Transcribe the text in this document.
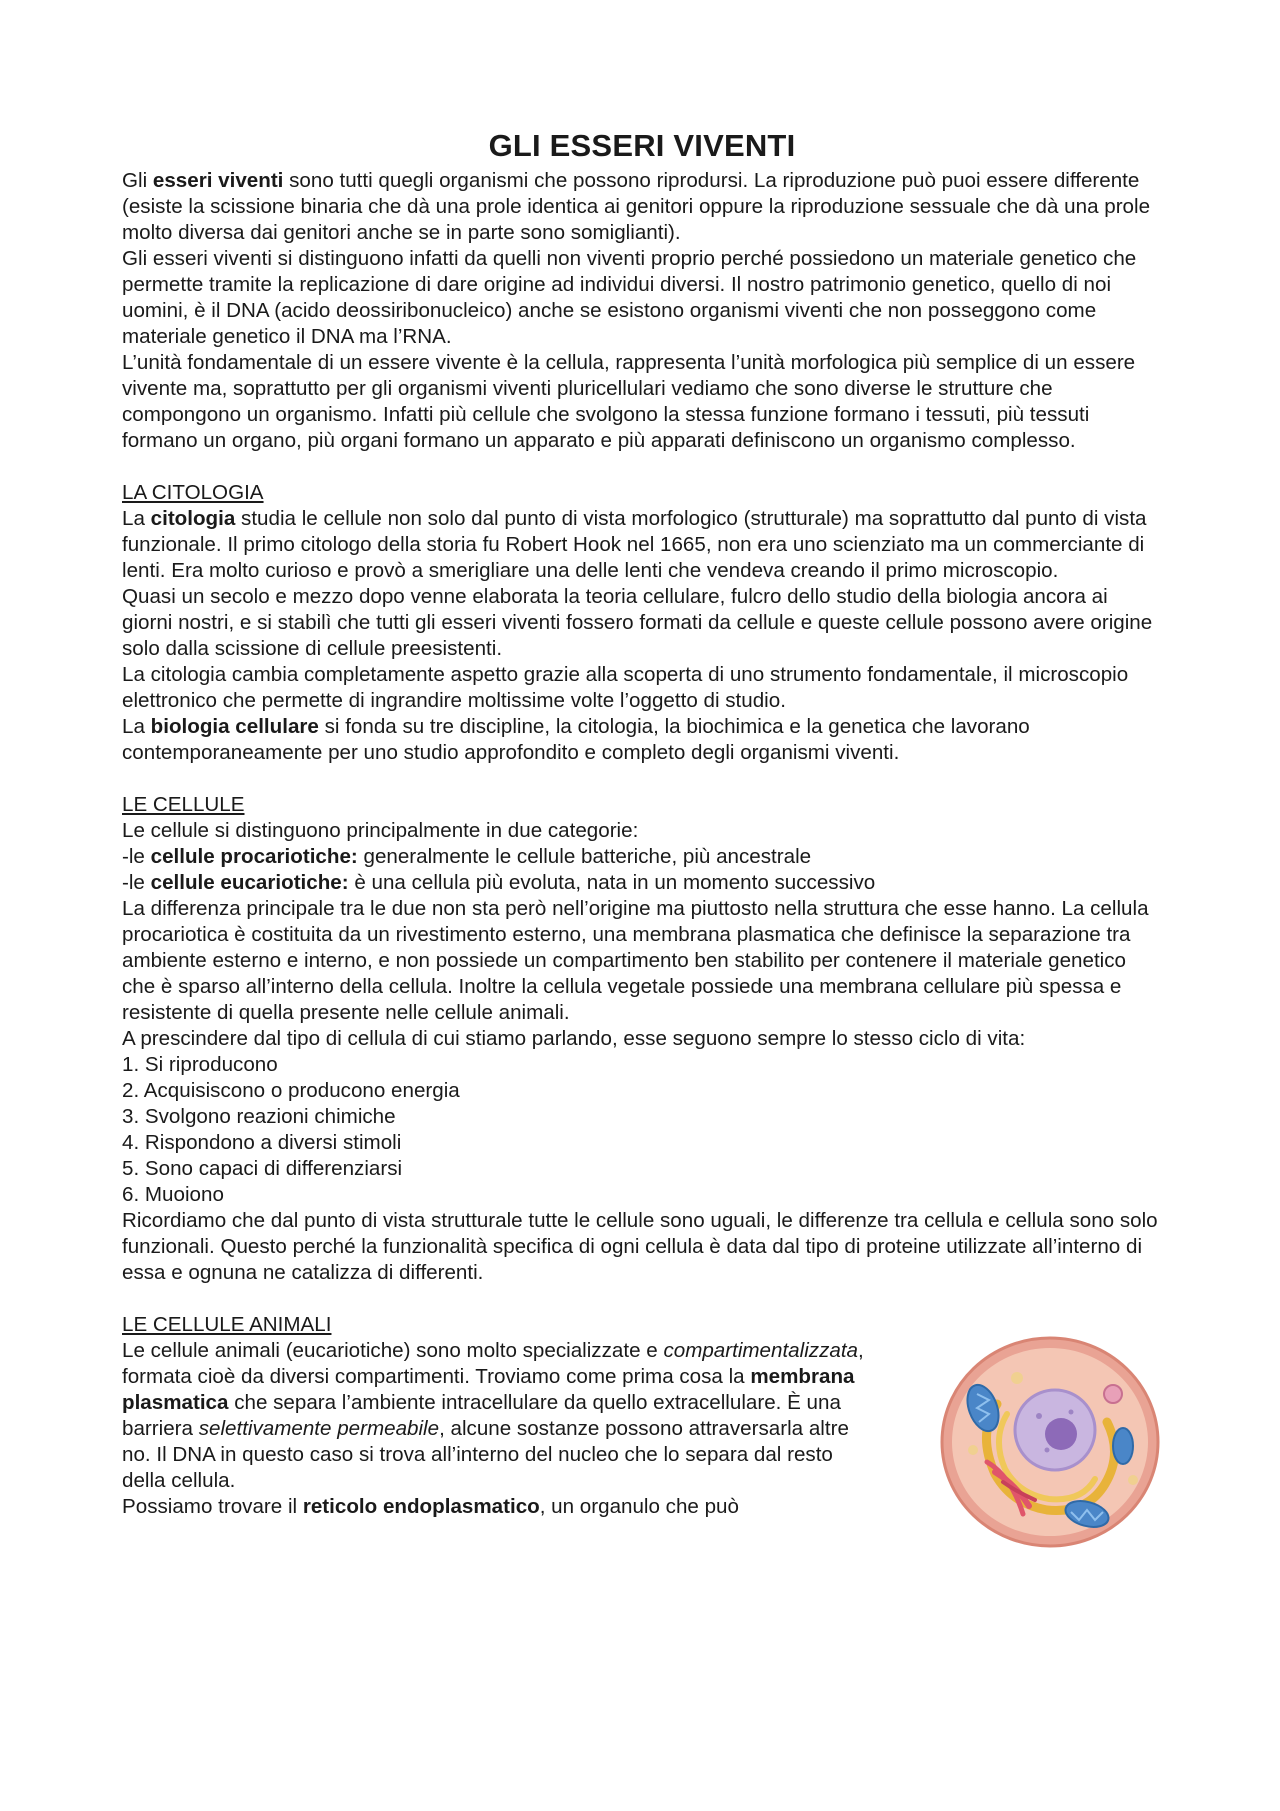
GLI ESSERI VIVENTI

Gli esseri viventi sono tutti quegli organismi che possono riprodursi. La riproduzione può puoi essere differente (esiste la scissione binaria che dà una prole identica ai genitori oppure la riproduzione sessuale che dà una prole molto diversa dai genitori anche se in parte sono somiglianti).

Gli esseri viventi si distinguono infatti da quelli non viventi proprio perché possiedono un materiale genetico che permette tramite la replicazione di dare origine ad individui diversi. Il nostro patrimonio genetico, quello di noi uomini, è il DNA (acido deossiribonucleico) anche se esistono organismi viventi che non posseggono come materiale genetico il DNA ma l’RNA.

L’unità fondamentale di un essere vivente è la cellula, rappresenta l’unità morfologica più semplice di un essere vivente ma, soprattutto per gli organismi viventi pluricellulari vediamo che sono diverse le strutture che compongono un organismo. Infatti più cellule che svolgono la stessa funzione formano i tessuti, più tessuti formano un organo, più organi formano un apparato e più apparati definiscono un organismo complesso.

LA CITOLOGIA

La citologia studia le cellule non solo dal punto di vista morfologico (strutturale) ma soprattutto dal punto di vista funzionale. Il primo citologo della storia fu Robert Hook nel 1665, non era uno scienziato ma un commerciante di lenti. Era molto curioso e provò a smerigliare una delle lenti che vendeva creando il primo microscopio.

Quasi un secolo e mezzo dopo venne elaborata la teoria cellulare, fulcro dello studio della biologia ancora ai giorni nostri, e si stabilì che tutti gli esseri viventi fossero formati da cellule e queste cellule possono avere origine solo dalla scissione di cellule preesistenti.

La citologia cambia completamente aspetto grazie alla scoperta di uno strumento fondamentale, il microscopio elettronico che permette di ingrandire moltissime volte l’oggetto di studio.

La biologia cellulare si fonda su tre discipline, la citologia, la biochimica e la genetica che lavorano contemporaneamente per uno studio approfondito e completo degli organismi viventi.

LE CELLULE

Le cellule si distinguono principalmente in due categorie:

-le cellule procariotiche: generalmente le cellule batteriche, più ancestrale

-le cellule eucariotiche: è una cellula più evoluta, nata in un momento successivo

La differenza principale tra le due non sta però nell’origine ma piuttosto nella struttura che esse hanno. La cellula procariotica è costituita da un rivestimento esterno, una membrana plasmatica che definisce la separazione tra ambiente esterno e interno, e non possiede un compartimento ben stabilito per contenere il materiale genetico che è sparso all’interno della cellula. Inoltre la cellula vegetale possiede una membrana cellulare più spessa e resistente di quella presente nelle cellule animali.

A prescindere dal tipo di cellula di cui stiamo parlando, esse seguono sempre lo stesso ciclo di vita:

1. Si riproducono
2. Acquisiscono o producono energia
3. Svolgono reazioni chimiche
4. Rispondono a diversi stimoli
5. Sono capaci di differenziarsi
6. Muoiono

Ricordiamo che dal punto di vista strutturale tutte le cellule sono uguali, le differenze tra cellula e cellula sono solo funzionali. Questo perché la funzionalità specifica di ogni cellula è data dal tipo di proteine utilizzate all’interno di essa e ognuna ne catalizza di differenti.

LE CELLULE ANIMALI

Le cellule animali (eucariotiche) sono molto specializzate e compartimentalizzata, formata cioè da diversi compartimenti. Troviamo come prima cosa la membrana plasmatica che separa l’ambiente intracellulare da quello extracellulare. È una barriera selettivamente permeabile, alcune sostanze possono attraversarla altre no. Il DNA in questo caso si trova all’interno del nucleo che lo separa dal resto della cellula.

Possiamo trovare il reticolo endoplasmatico, un organulo che può
